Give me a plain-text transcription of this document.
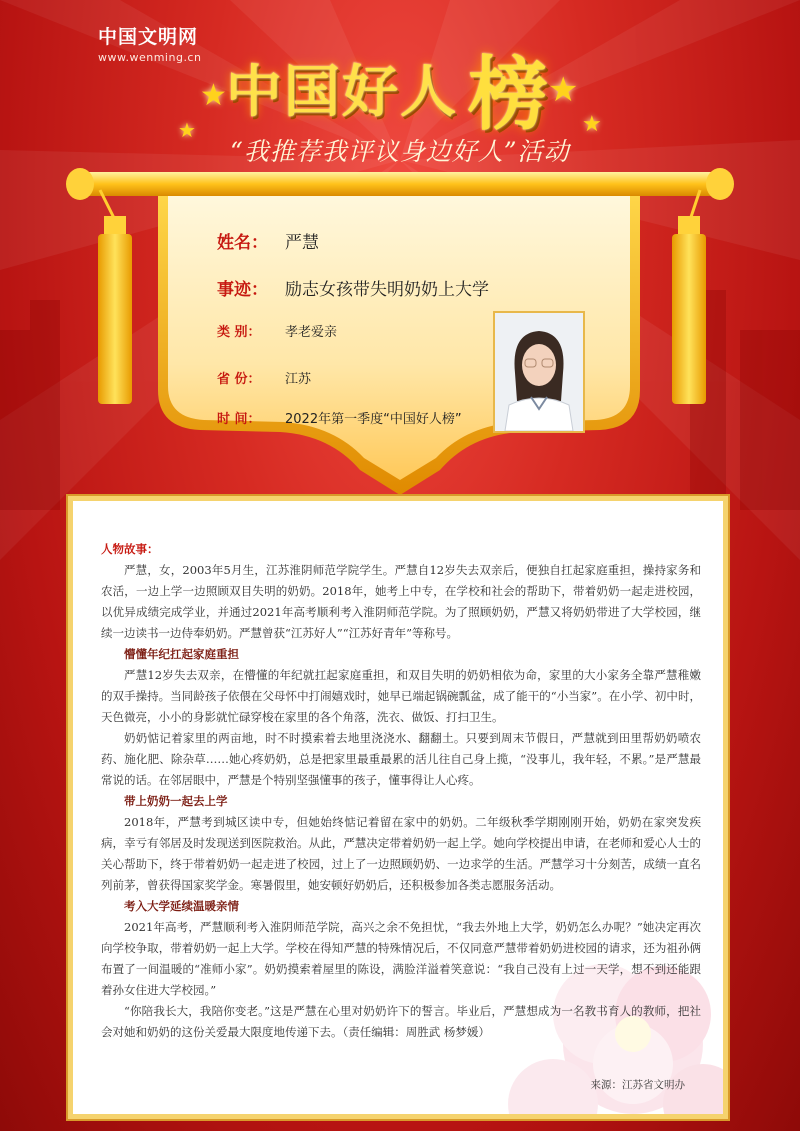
中国文明网
www.wenming.cn
★
★
★
★
中国好人 榜
“我推荐我评议身边好人”活动
姓名： 严慧
事迹： 励志女孩带失明奶奶上大学
类 别： 孝老爱亲
省 份： 江苏
时 间： 2022年第一季度“中国好人榜”

人物故事：

严慧，女，2003年5月生，江苏淮阴师范学院学生。严慧自12岁失去双亲后，便独自扛起家庭重担，操持家务和农活，一边上学一边照顾双目失明的奶奶。2018年，她考上中专，在学校和社会的帮助下，带着奶奶一起走进校园，以优异成绩完成学业，并通过2021年高考顺利考入淮阴师范学院。为了照顾奶奶，严慧又将奶奶带进了大学校园，继续一边读书一边侍奉奶奶。严慧曾获“江苏好人”“江苏好青年”等称号。

懵懂年纪扛起家庭重担

严慧12岁失去双亲，在懵懂的年纪就扛起家庭重担，和双目失明的奶奶相依为命，家里的大小家务全靠严慧稚嫩的双手操持。当同龄孩子依偎在父母怀中打闹嬉戏时，她早已端起锅碗瓢盆，成了能干的“小当家”。在小学、初中时，天色微亮，小小的身影就忙碌穿梭在家里的各个角落，洗衣、做饭、打扫卫生。

奶奶惦记着家里的两亩地，时不时摸索着去地里浇浇水、翻翻土。只要到周末节假日，严慧就到田里帮奶奶喷农药、施化肥、除杂草……她心疼奶奶，总是把家里最重最累的活儿往自己身上揽，“没事儿，我年轻，不累。”是严慧最常说的话。在邻居眼中，严慧是个特别坚强懂事的孩子，懂事得让人心疼。

带上奶奶一起去上学

2018年，严慧考到城区读中专，但她始终惦记着留在家中的奶奶。二年级秋季学期刚刚开始，奶奶在家突发疾病，幸亏有邻居及时发现送到医院救治。从此，严慧决定带着奶奶一起上学。她向学校提出申请，在老师和爱心人士的关心帮助下，终于带着奶奶一起走进了校园，过上了一边照顾奶奶、一边求学的生活。严慧学习十分刻苦，成绩一直名列前茅，曾获得国家奖学金。寒暑假里，她安顿好奶奶后，还积极参加各类志愿服务活动。

考入大学延续温暖亲情

2021年高考，严慧顺利考入淮阴师范学院，高兴之余不免担忧，“我去外地上大学，奶奶怎么办呢？”她决定再次向学校争取，带着奶奶一起上大学。学校在得知严慧的特殊情况后，不仅同意严慧带着奶奶进校园的请求，还为祖孙俩布置了一间温暖的“准师小家”。奶奶摸索着屋里的陈设，满脸洋溢着笑意说：“我自己没有上过一天学，想不到还能跟着孙女住进大学校园。”

“你陪我长大，我陪你变老。”这是严慧在心里对奶奶许下的誓言。毕业后，严慧想成为一名教书育人的教师，把社会对她和奶奶的这份关爱最大限度地传递下去。（责任编辑：周胜武 杨梦媛）

来源：江苏省文明办
